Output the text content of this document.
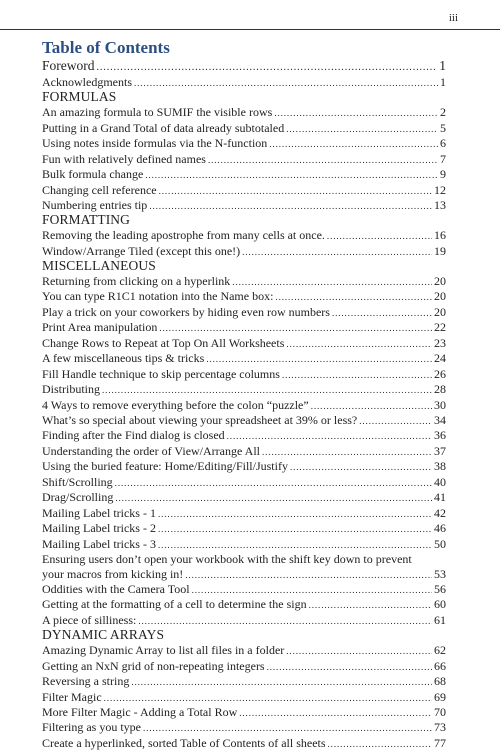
iii
Table of Contents
Foreword .....	1
Acknowledgments .....	1
FORMULAS
An amazing formula to SUMIF the visible rows .....	2
Putting in a Grand Total of data already subtotaled .....	5
Using notes inside formulas via the N-function .....	6
Fun with relatively defined names .....	7
Bulk formula change .....	9
Changing cell reference .....	12
Numbering entries tip .....	13
FORMATTING
Removing the leading apostrophe from many cells at once. .....	16
Window/Arrange Tiled (except this one!) .....	19
MISCELLANEOUS
Returning from clicking on a hyperlink .....	20
You can type R1C1 notation into the Name box: .....	20
Play a trick on your coworkers by hiding even row numbers .....	20
Print Area manipulation .....	22
Change Rows to Repeat at Top On All Worksheets .....	23
A few miscellaneous tips & tricks .....	24
Fill Handle technique to skip percentage columns .....	26
Distributing .....	28
4 Ways to remove everything before the colon “puzzle” .....	30
What’s so special about viewing your spreadsheet at 39% or less? .....	34
Finding after the Find dialog is closed .....	36
Understanding the order of View/Arrange All .....	37
Using the buried feature: Home/Editing/Fill/Justify .....	38
Shift/Scrolling .....	40
Drag/Scrolling .....	41
Mailing Label tricks - 1 .....	42
Mailing Label tricks - 2 .....	46
Mailing Label tricks - 3 .....	50
Ensuring users don’t open your workbook with the shift key down to prevent
your macros from kicking in! .....	53
Oddities with the Camera Tool .....	56
Getting at the formatting of a cell to determine the sign .....	60
A piece of silliness: .....	61
DYNAMIC ARRAYS
Amazing Dynamic Array to list all files in a folder .....	62
Getting an NxN grid of non-repeating integers .....	66
Reversing a string .....	68
Filter Magic .....	69
More Filter Magic - Adding a Total Row .....	70
Filtering as you type .....	73
Create a hyperlinked, sorted Table of Contents of all sheets .....	77
